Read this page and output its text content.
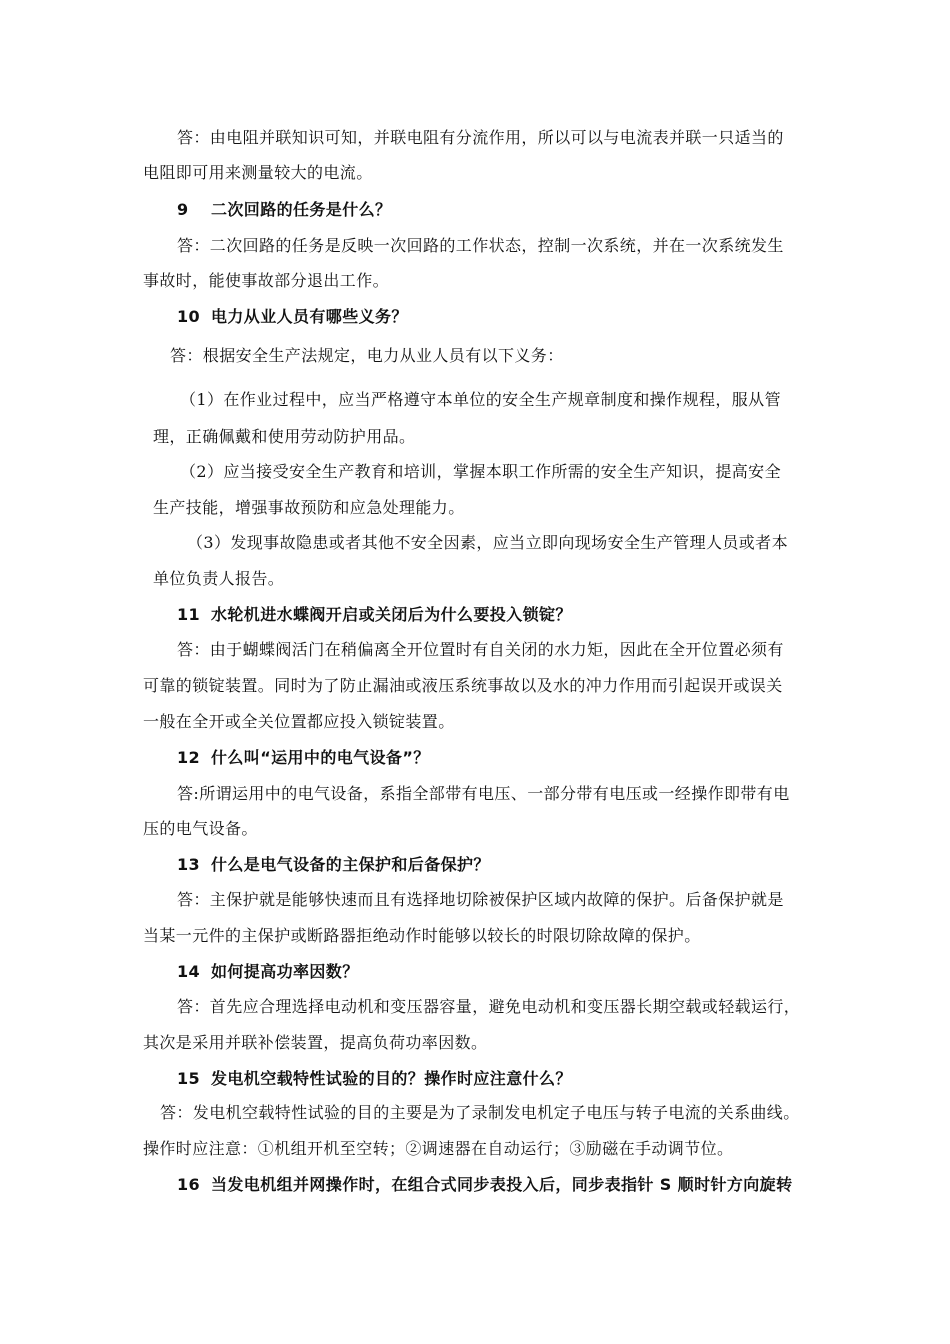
答：由电阻并联知识可知，并联电阻有分流作用，所以可以与电流表并联一只适当的
电阻即可用来测量较大的电流。
9 二次回路的任务是什么？
答：二次回路的任务是反映一次回路的工作状态，控制一次系统，并在一次系统发生
事故时，能使事故部分退出工作。
10 电力从业人员有哪些义务？
答：根据安全生产法规定，电力从业人员有以下义务：
（1）在作业过程中，应当严格遵守本单位的安全生产规章制度和操作规程，服从管
理，正确佩戴和使用劳动防护用品。
（2）应当接受安全生产教育和培训，掌握本职工作所需的安全生产知识，提高安全
生产技能，增强事故预防和应急处理能力。
（3）发现事故隐患或者其他不安全因素，应当立即向现场安全生产管理人员或者本
单位负责人报告。
11 水轮机进水蝶阀开启或关闭后为什么要投入锁锭？
答：由于蝴蝶阀活门在稍偏离全开位置时有自关闭的水力矩，因此在全开位置必须有
可靠的锁锭装置。同时为了防止漏油或液压系统事故以及水的冲力作用而引起误开或误关
一般在全开或全关位置都应投入锁锭装置。
12 什么叫“运用中的电气设备”？
答:所谓运用中的电气设备，系指全部带有电压、一部分带有电压或一经操作即带有电
压的电气设备。
13 什么是电气设备的主保护和后备保护？
答：主保护就是能够快速而且有选择地切除被保护区域内故障的保护。后备保护就是
当某一元件的主保护或断路器拒绝动作时能够以较长的时限切除故障的保护。
14 如何提高功率因数？
答：首先应合理选择电动机和变压器容量，避免电动机和变压器长期空载或轻载运行，
其次是采用并联补偿装置，提高负荷功率因数。
15 发电机空载特性试验的目的？操作时应注意什么？
答：发电机空载特性试验的目的主要是为了录制发电机定子电压与转子电流的关系曲线。
操作时应注意：①机组开机至空转；②调速器在自动运行；③励磁在手动调节位。
16 当发电机组并网操作时，在组合式同步表投入后，同步表指针 S 顺时针方向旋转
